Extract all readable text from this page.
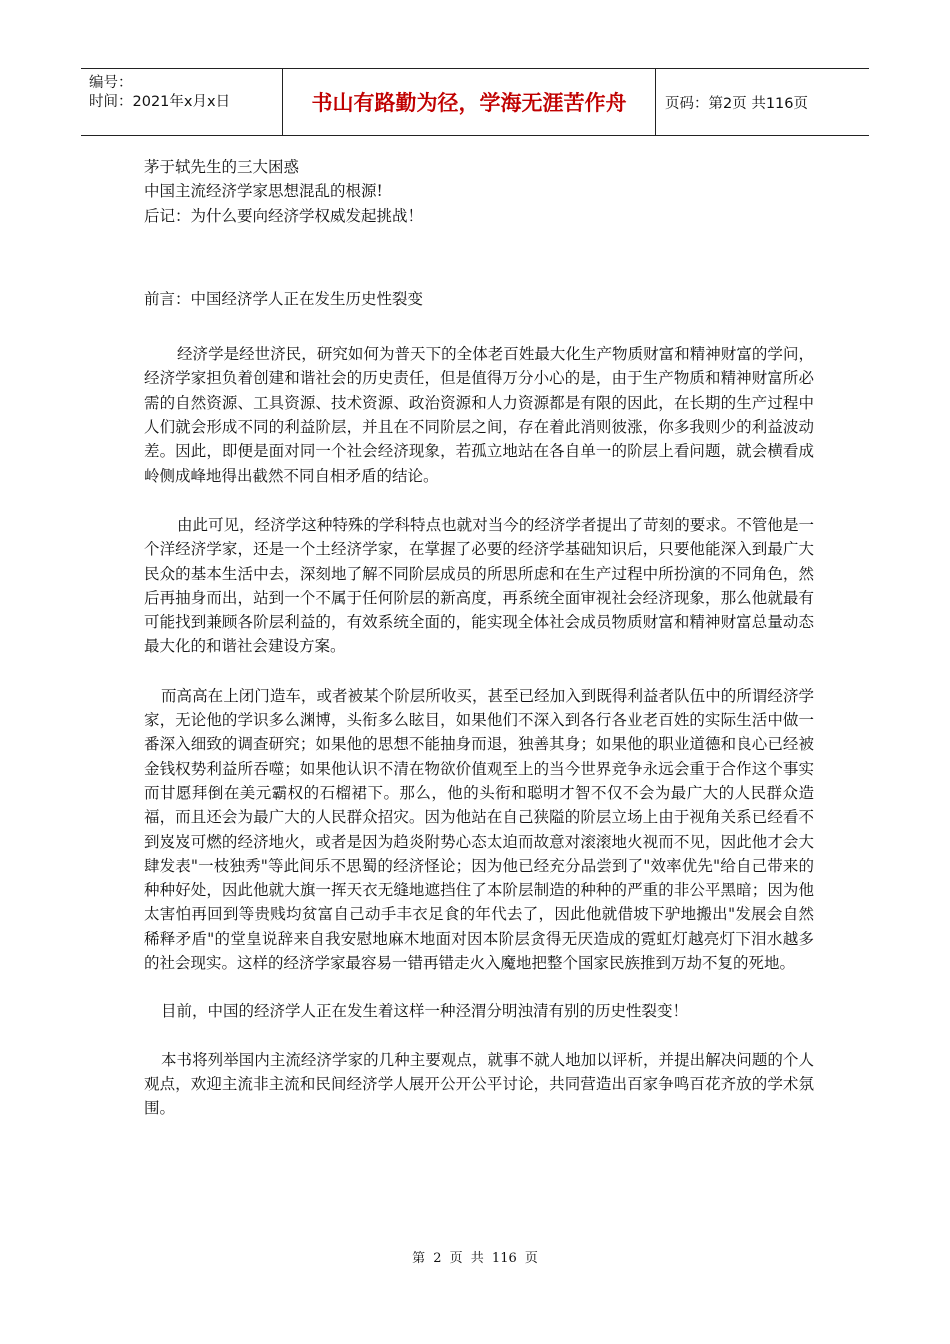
编号：
时间：2021年x月x日	书山有路勤为径，学海无涯苦作舟	页码：第2页 共116页

茅于轼先生的三大困惑

中国主流经济学家思想混乱的根源!

后记：为什么要向经济学权威发起挑战！

前言：中国经济学人正在发生历史性裂变

经济学是经世济民，研究如何为普天下的全体老百姓最大化生产物质财富和精神财富的学问，经济学家担负着创建和谐社会的历史责任，但是值得万分小心的是，由于生产物质和精神财富所必需的自然资源、工具资源、技术资源、政治资源和人力资源都是有限的因此，在长期的生产过程中人们就会形成不同的利益阶层，并且在不同阶层之间，存在着此消则彼涨，你多我则少的利益波动差。因此，即便是面对同一个社会经济现象，若孤立地站在各自单一的阶层上看问题，就会横看成岭侧成峰地得出截然不同自相矛盾的结论。

由此可见，经济学这种特殊的学科特点也就对当今的经济学者提出了苛刻的要求。不管他是一个洋经济学家，还是一个土经济学家，在掌握了必要的经济学基础知识后，只要他能深入到最广大民众的基本生活中去，深刻地了解不同阶层成员的所思所虑和在生产过程中所扮演的不同角色，然后再抽身而出，站到一个不属于任何阶层的新高度，再系统全面审视社会经济现象，那么他就最有可能找到兼顾各阶层利益的，有效系统全面的，能实现全体社会成员物质财富和精神财富总量动态最大化的和谐社会建设方案。

而高高在上闭门造车，或者被某个阶层所收买，甚至已经加入到既得利益者队伍中的所谓经济学家，无论他的学识多么渊博，头衔多么眩目，如果他们不深入到各行各业老百姓的实际生活中做一番深入细致的调查研究；如果他的思想不能抽身而退，独善其身；如果他的职业道德和良心已经被金钱权势利益所吞噬；如果他认识不清在物欲价值观至上的当今世界竞争永远会重于合作这个事实而甘愿拜倒在美元霸权的石榴裙下。那么，他的头衔和聪明才智不仅不会为最广大的人民群众造福，而且还会为最广大的人民群众招灾。因为他站在自己狭隘的阶层立场上由于视角关系已经看不到岌岌可燃的经济地火，或者是因为趋炎附势心态太迫而故意对滚滚地火视而不见，因此他才会大肆发表"一枝独秀"等此间乐不思蜀的经济怪论；因为他已经充分品尝到了"效率优先"给自己带来的种种好处，因此他就大旗一挥天衣无缝地遮挡住了本阶层制造的种种的严重的非公平黑暗；因为他太害怕再回到等贵贱均贫富自己动手丰衣足食的年代去了，因此他就借坡下驴地搬出"发展会自然稀释矛盾"的堂皇说辞来自我安慰地麻木地面对因本阶层贪得无厌造成的霓虹灯越亮灯下泪水越多的社会现实。这样的经济学家最容易一错再错走火入魔地把整个国家民族推到万劫不复的死地。

目前，中国的经济学人正在发生着这样一种泾渭分明浊清有别的历史性裂变！

本书将列举国内主流经济学家的几种主要观点，就事不就人地加以评析，并提出解决问题的个人观点，欢迎主流非主流和民间经济学人展开公开公平讨论，共同营造出百家争鸣百花齐放的学术氛围。

第 2 页 共 116 页
